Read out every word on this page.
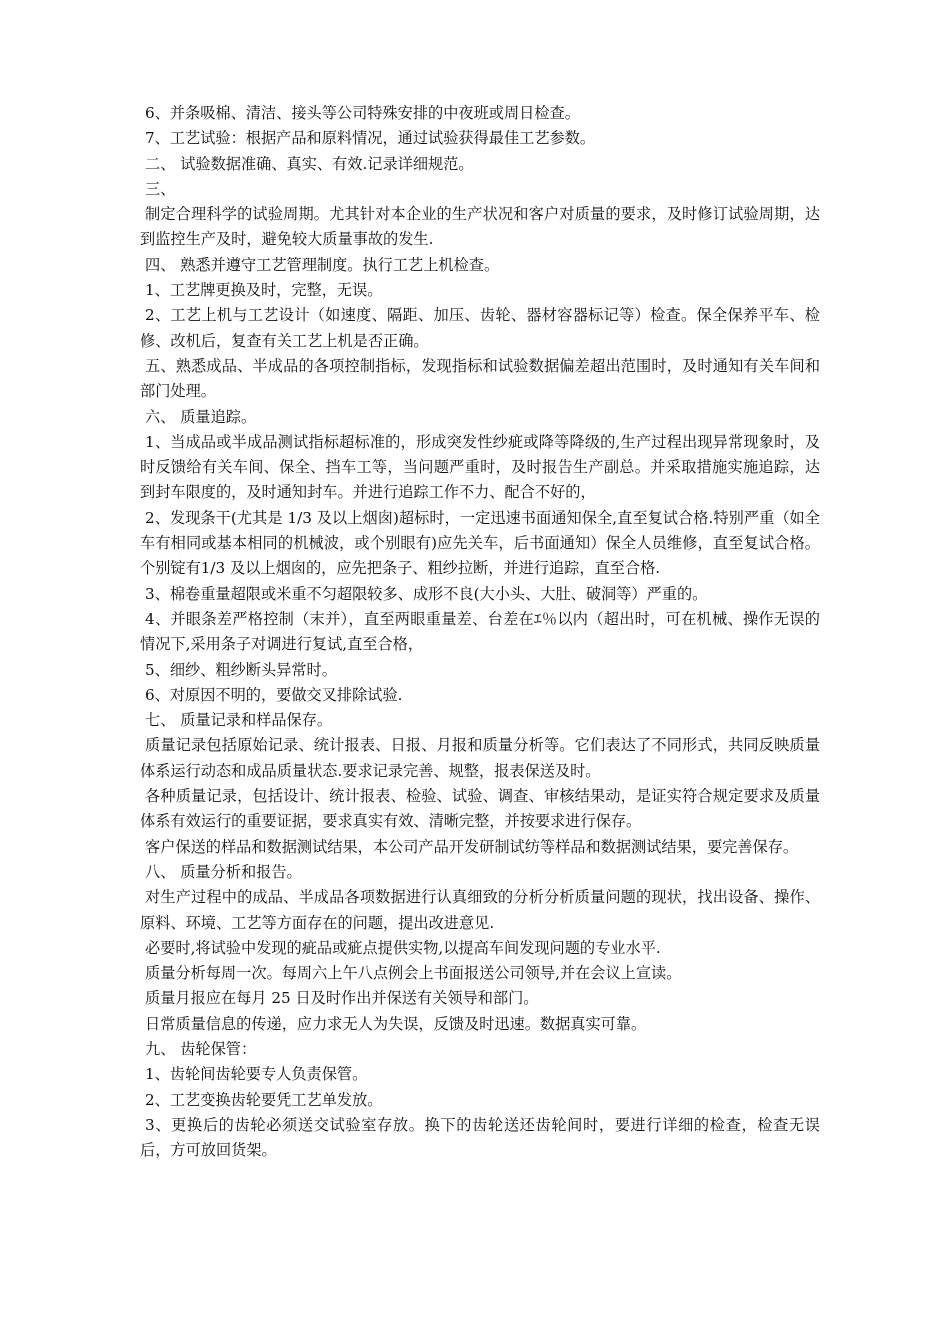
6、并条吸棉、清洁、接头等公司特殊安排的中夜班或周日检查。

7、工艺试验：根据产品和原料情况，通过试验获得最佳工艺参数。

二、 试验数据准确、真实、有效.记录详细规范。

三、

制定合理科学的试验周期。尤其针对本企业的生产状况和客户对质量的要求，及时修订试验周期，达到监控生产及时，避免较大质量事故的发生.

四、 熟悉并遵守工艺管理制度。执行工艺上机检查。

1、工艺牌更换及时，完整，无误。

2、工艺上机与工艺设计（如速度、隔距、加压、齿轮、器材容器标记等）检查。保全保养平车、检修、改机后，复查有关工艺上机是否正确。

五、熟悉成品、半成品的各项控制指标，发现指标和试验数据偏差超出范围时，及时通知有关车间和部门处理。

六、 质量追踪。

1、当成品或半成品测试指标超标准的，形成突发性纱疵或降等降级的,生产过程出现异常现象时，及时反馈给有关车间、保全、挡车工等，当问题严重时，及时报告生产副总。并采取措施实施追踪，达到封车限度的，及时通知封车。并进行追踪工作不力、配合不好的，

2、发现条干(尤其是 1/3 及以上烟囱)超标时，一定迅速书面通知保全,直至复试合格.特别严重（如全车有相同或基本相同的机械波，或个别眼有)应先关车，后书面通知）保全人员维修，直至复试合格。个别锭有1/3 及以上烟囱的，应先把条子、粗纱拉断，并进行追踪，直至合格.

3、棉卷重量超限或米重不匀超限较多、成形不良(大小头、大肚、破洞等）严重的。

4、并眼条差严格控制（末并），直至两眼重量差、台差在ｴ％以内（超出时，可在机械、操作无误的情况下,采用条子对调进行复试,直至合格，

5、细纱、粗纱断头异常时。

6、对原因不明的，要做交叉排除试验.

七、 质量记录和样品保存。

质量记录包括原始记录、统计报表、日报、月报和质量分析等。它们表达了不同形式，共同反映质量体系运行动态和成品质量状态.要求记录完善、规整，报表保送及时。

各种质量记录，包括设计、统计报表、检验、试验、调查、审核结果动，是证实符合规定要求及质量体系有效运行的重要证据，要求真实有效、清晰完整，并按要求进行保存。

客户保送的样品和数据测试结果，本公司产品开发研制试纺等样品和数据测试结果，要完善保存。

八、 质量分析和报告。

对生产过程中的成品、半成品各项数据进行认真细致的分析分析质量问题的现状，找出设备、操作、原料、环境、工艺等方面存在的问题，提出改进意见.

必要时,将试验中发现的疵品或疵点提供实物,以提高车间发现问题的专业水平.

质量分析每周一次。每周六上午八点例会上书面报送公司领导,并在会议上宣读。

质量月报应在每月 25 日及时作出并保送有关领导和部门。

日常质量信息的传递，应力求无人为失误，反馈及时迅速。数据真实可靠。

九、 齿轮保管：

1、齿轮间齿轮要专人负责保管。

2、工艺变换齿轮要凭工艺单发放。

3、更换后的齿轮必须送交试验室存放。换下的齿轮送还齿轮间时，要进行详细的检查，检查无误后，方可放回货架。
